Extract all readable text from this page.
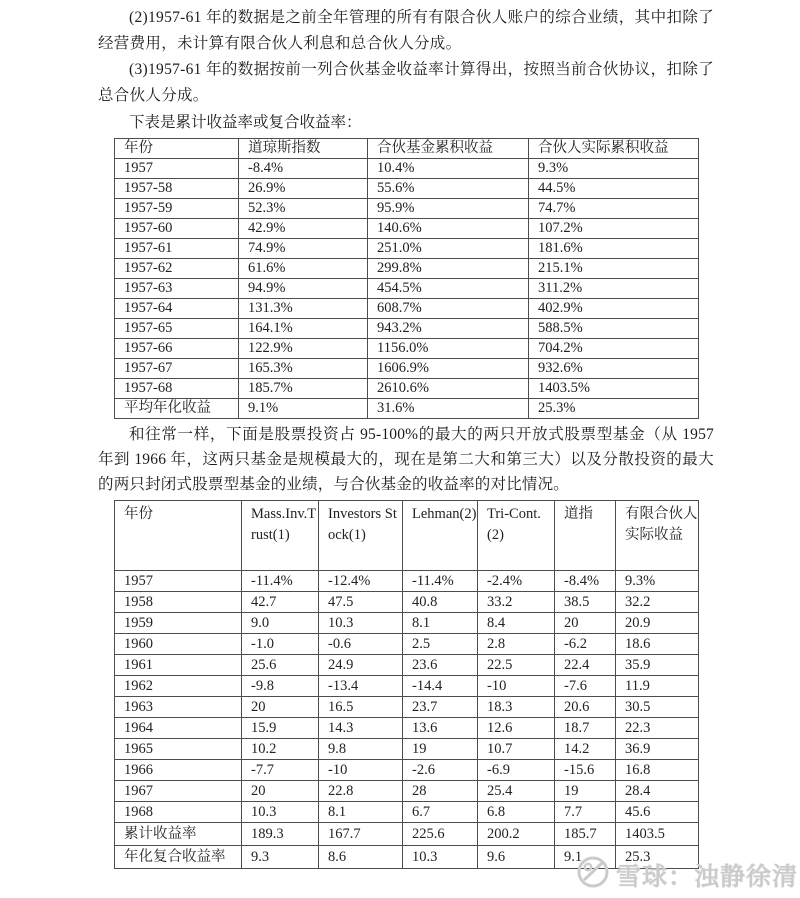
(2)1957-61 年的数据是之前全年管理的所有有限合伙人账户的综合业绩，其中扣除了经营费用，未计算有限合伙人利息和总合伙人分成。

(3)1957-61 年的数据按前一列合伙基金收益率计算得出，按照当前合伙协议，扣除了总合伙人分成。

下表是累计收益率或复合收益率：

年份	道琼斯指数	合伙基金累积收益	合伙人实际累积收益
1957	-8.4%	10.4%	9.3%
1957-58	26.9%	55.6%	44.5%
1957-59	52.3%	95.9%	74.7%
1957-60	42.9%	140.6%	107.2%
1957-61	74.9%	251.0%	181.6%
1957-62	61.6%	299.8%	215.1%
1957-63	94.9%	454.5%	311.2%
1957-64	131.3%	608.7%	402.9%
1957-65	164.1%	943.2%	588.5%
1957-66	122.9%	1156.0%	704.2%
1957-67	165.3%	1606.9%	932.6%
1957-68	185.7%	2610.6%	1403.5%
平均年化收益	9.1%	31.6%	25.3%

和往常一样，下面是股票投资占 95-100%的最大的两只开放式股票型基金（从 1957 年到 1966 年，这两只基金是规模最大的，现在是第二大和第三大）以及分散投资的最大的两只封闭式股票型基金的业绩，与合伙基金的收益率的对比情况。

年份	Mass.Inv.Trust(1)	Investors Stock(1)	Lehman(2)	Tri-Cont.(2)	道指	有限合伙人实际收益
1957	-11.4%	-12.4%	-11.4%	-2.4%	-8.4%	9.3%
1958	42.7	47.5	40.8	33.2	38.5	32.2
1959	9.0	10.3	8.1	8.4	20	20.9
1960	-1.0	-0.6	2.5	2.8	-6.2	18.6
1961	25.6	24.9	23.6	22.5	22.4	35.9
1962	-9.8	-13.4	-14.4	-10	-7.6	11.9
1963	20	16.5	23.7	18.3	20.6	30.5
1964	15.9	14.3	13.6	12.6	18.7	22.3
1965	10.2	9.8	19	10.7	14.2	36.9
1966	-7.7	-10	-2.6	-6.9	-15.6	16.8
1967	20	22.8	28	25.4	19	28.4
1968	10.3	8.1	6.7	6.8	7.7	45.6
累计收益率	189.3	167.7	225.6	200.2	185.7	1403.5
年化复合收益率	9.3	8.6	10.3	9.6	9.1	25.3
雪球：浊静徐清
